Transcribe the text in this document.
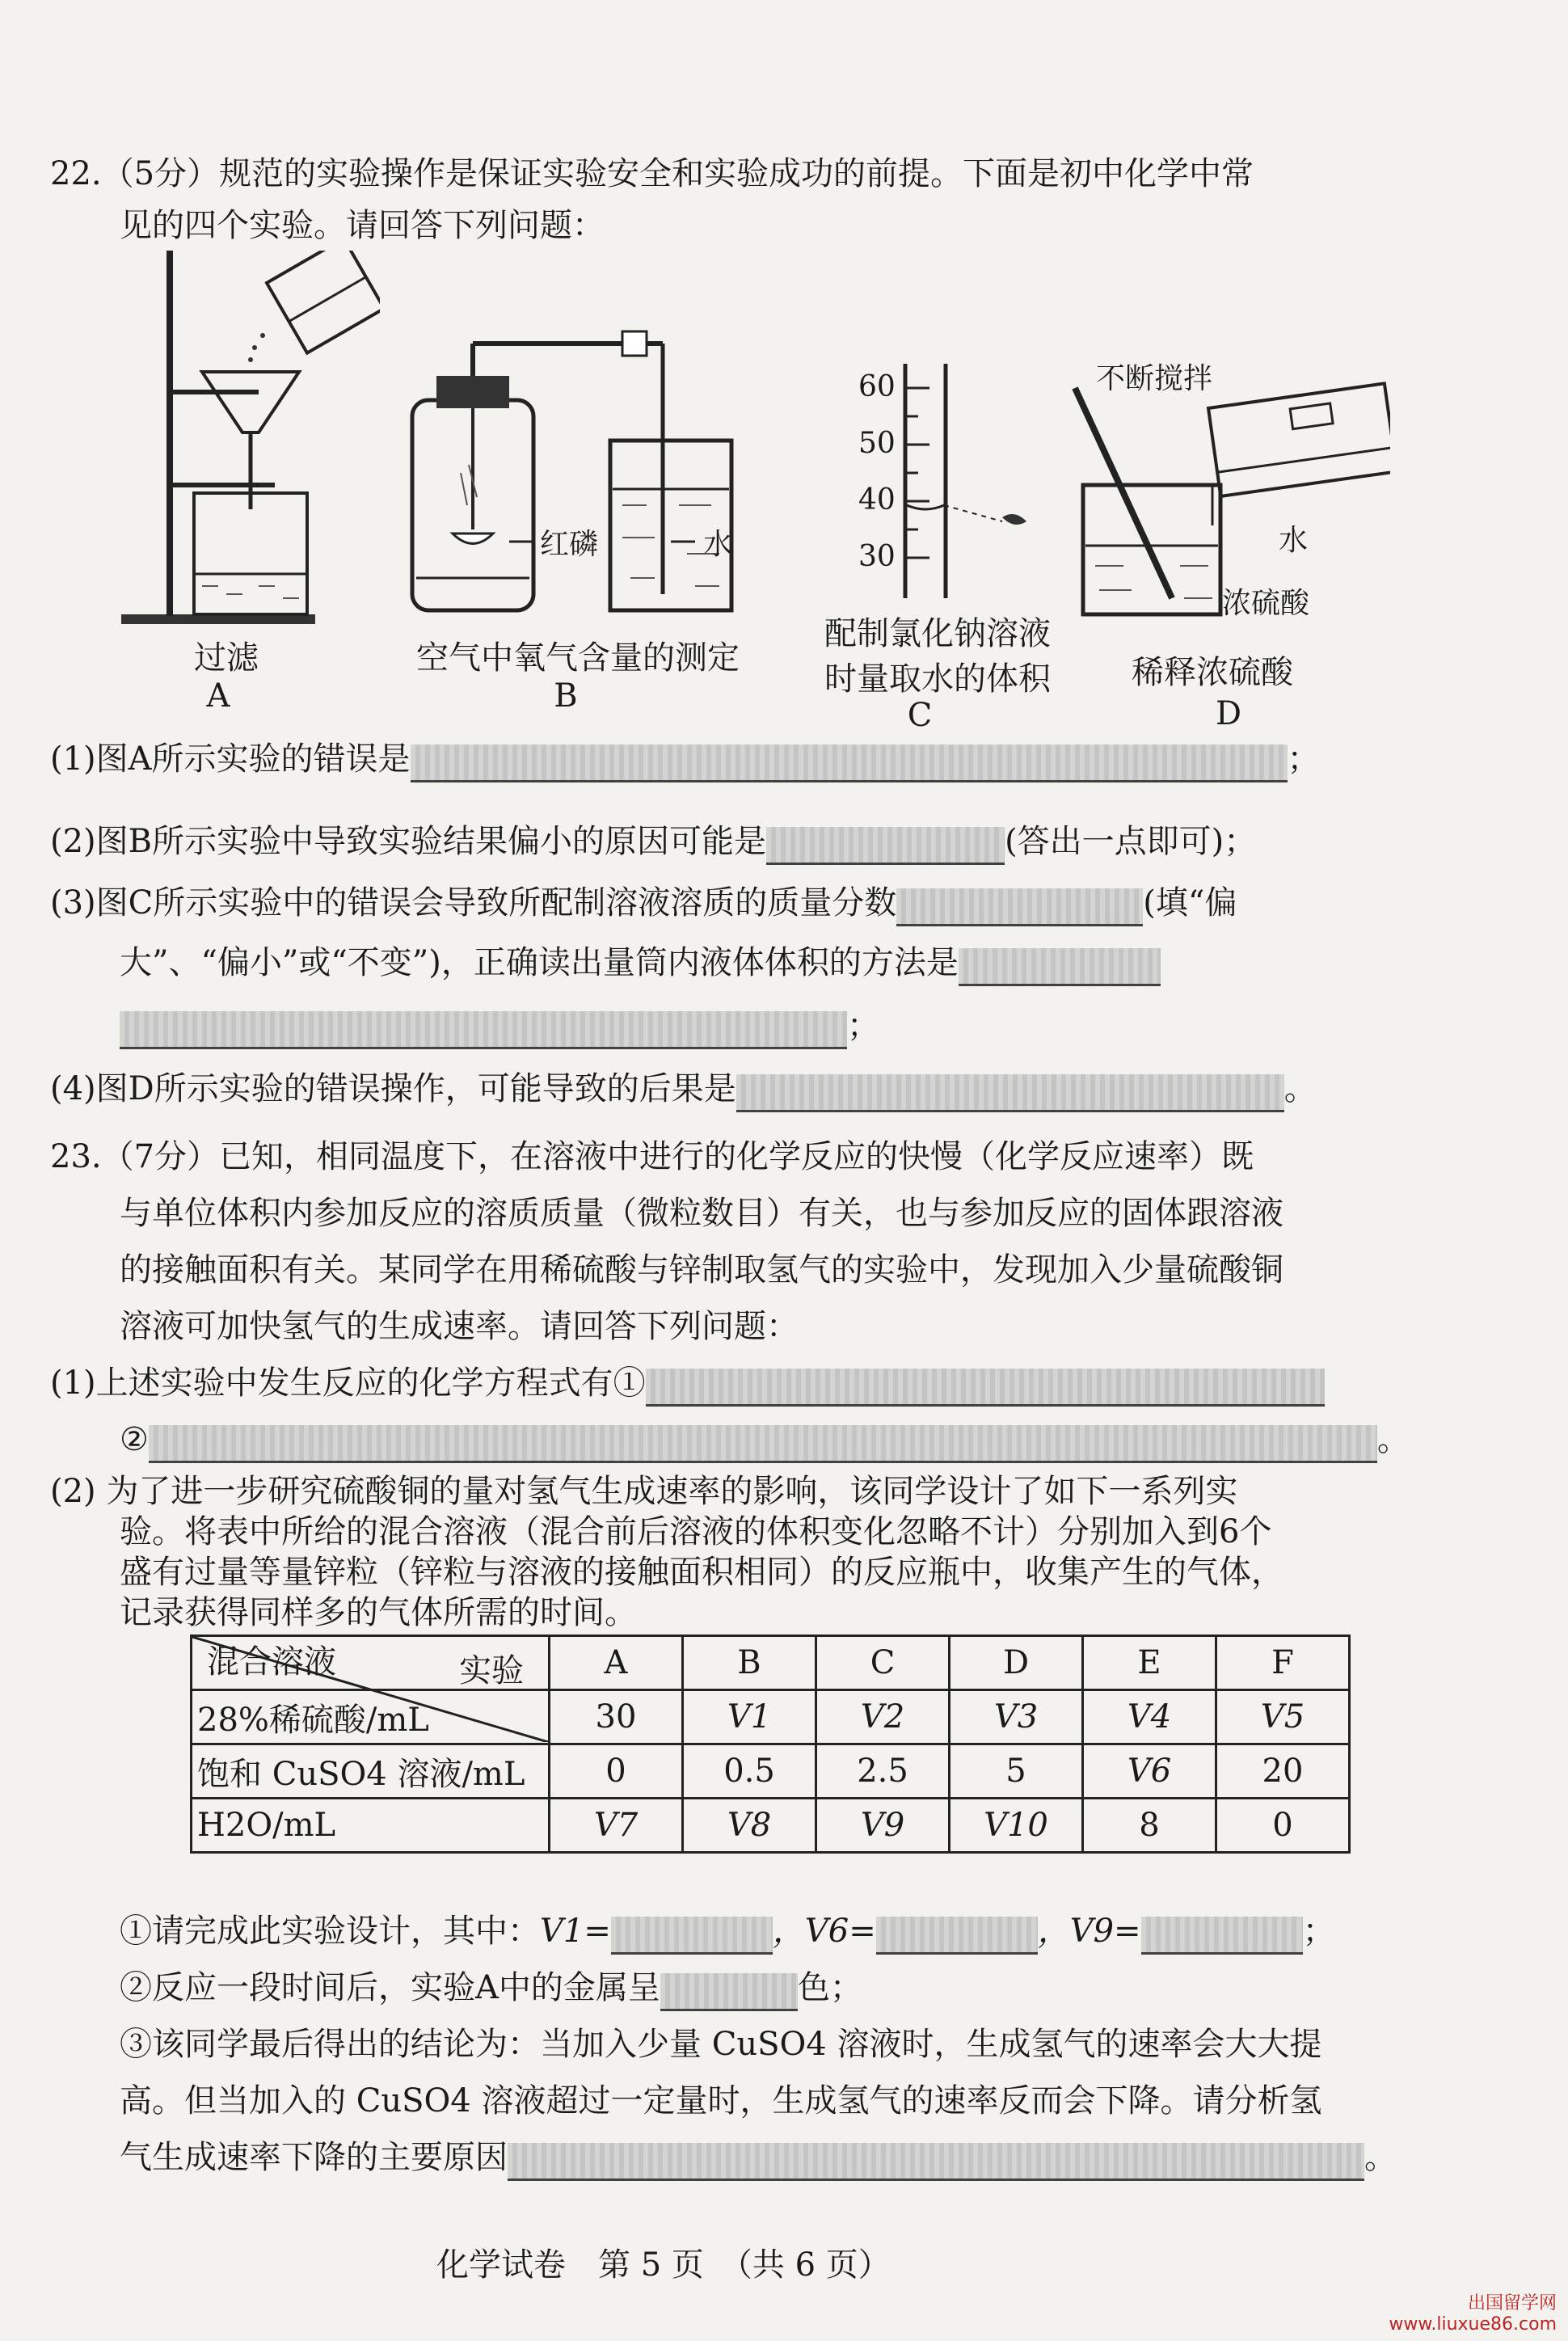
22.（5分）规范的实验操作是保证实验安全和实验成功的前提。下面是初中化学中常
见的四个实验。请回答下列问题：
过滤
A
红磷	水
空气中氧气含量的测定
B
60
50
40
30
配制氯化钠溶液
时量取水的体积
C
不断搅拌
水
浓硫酸
稀释浓硫酸
D
(1)图A所示实验的错误是	；
(2)图B所示实验中导致实验结果偏小的原因可能是	(答出一点即可)；
(3)图C所示实验中的错误会导致所配制溶液溶质的质量分数	(填“偏
大”、“偏小”或“不变”)，正确读出量筒内液体体积的方法是
；
(4)图D所示实验的错误操作，可能导致的后果是	。
23.（7分）已知，相同温度下，在溶液中进行的化学反应的快慢（化学反应速率）既
与单位体积内参加反应的溶质质量（微粒数目）有关，也与参加反应的固体跟溶液
的接触面积有关。某同学在用稀硫酸与锌制取氢气的实验中，发现加入少量硫酸铜
溶液可加快氢气的生成速率。请回答下列问题：
(1)上述实验中发生反应的化学方程式有①
②	。
(2) 为了进一步研究硫酸铜的量对氢气生成速率的影响，该同学设计了如下一系列实
验。将表中所给的混合溶液（混合前后溶液的体积变化忽略不计）分别加入到6个
盛有过量等量锌粒（锌粒与溶液的接触面积相同）的反应瓶中，收集产生的气体，
实验
混合溶液	A	B	C	D	E	F
28%稀硫酸/mL	30	V1	V2	V3	V4	V5
饱和 CuSO4 溶液/mL	0	0.5	2.5	5	V6	20
H2O/mL	V7	V8	V9	V10	8	0
①请完成此实验设计，其中：V1=	，V6=	，V9=	；
②反应一段时间后，实验A中的金属呈	色；
③该同学最后得出的结论为：当加入少量 CuSO4 溶液时，生成氢气的速率会大大提
高。但当加入的 CuSO4 溶液超过一定量时，生成氢气的速率反而会下降。请分析氢
气生成速率下降的主要原因	。
化学试卷　第 5 页　（共 6 页）
出国留学网
www.liuxue86.com
记录获得同样多的气体所需的时间。
